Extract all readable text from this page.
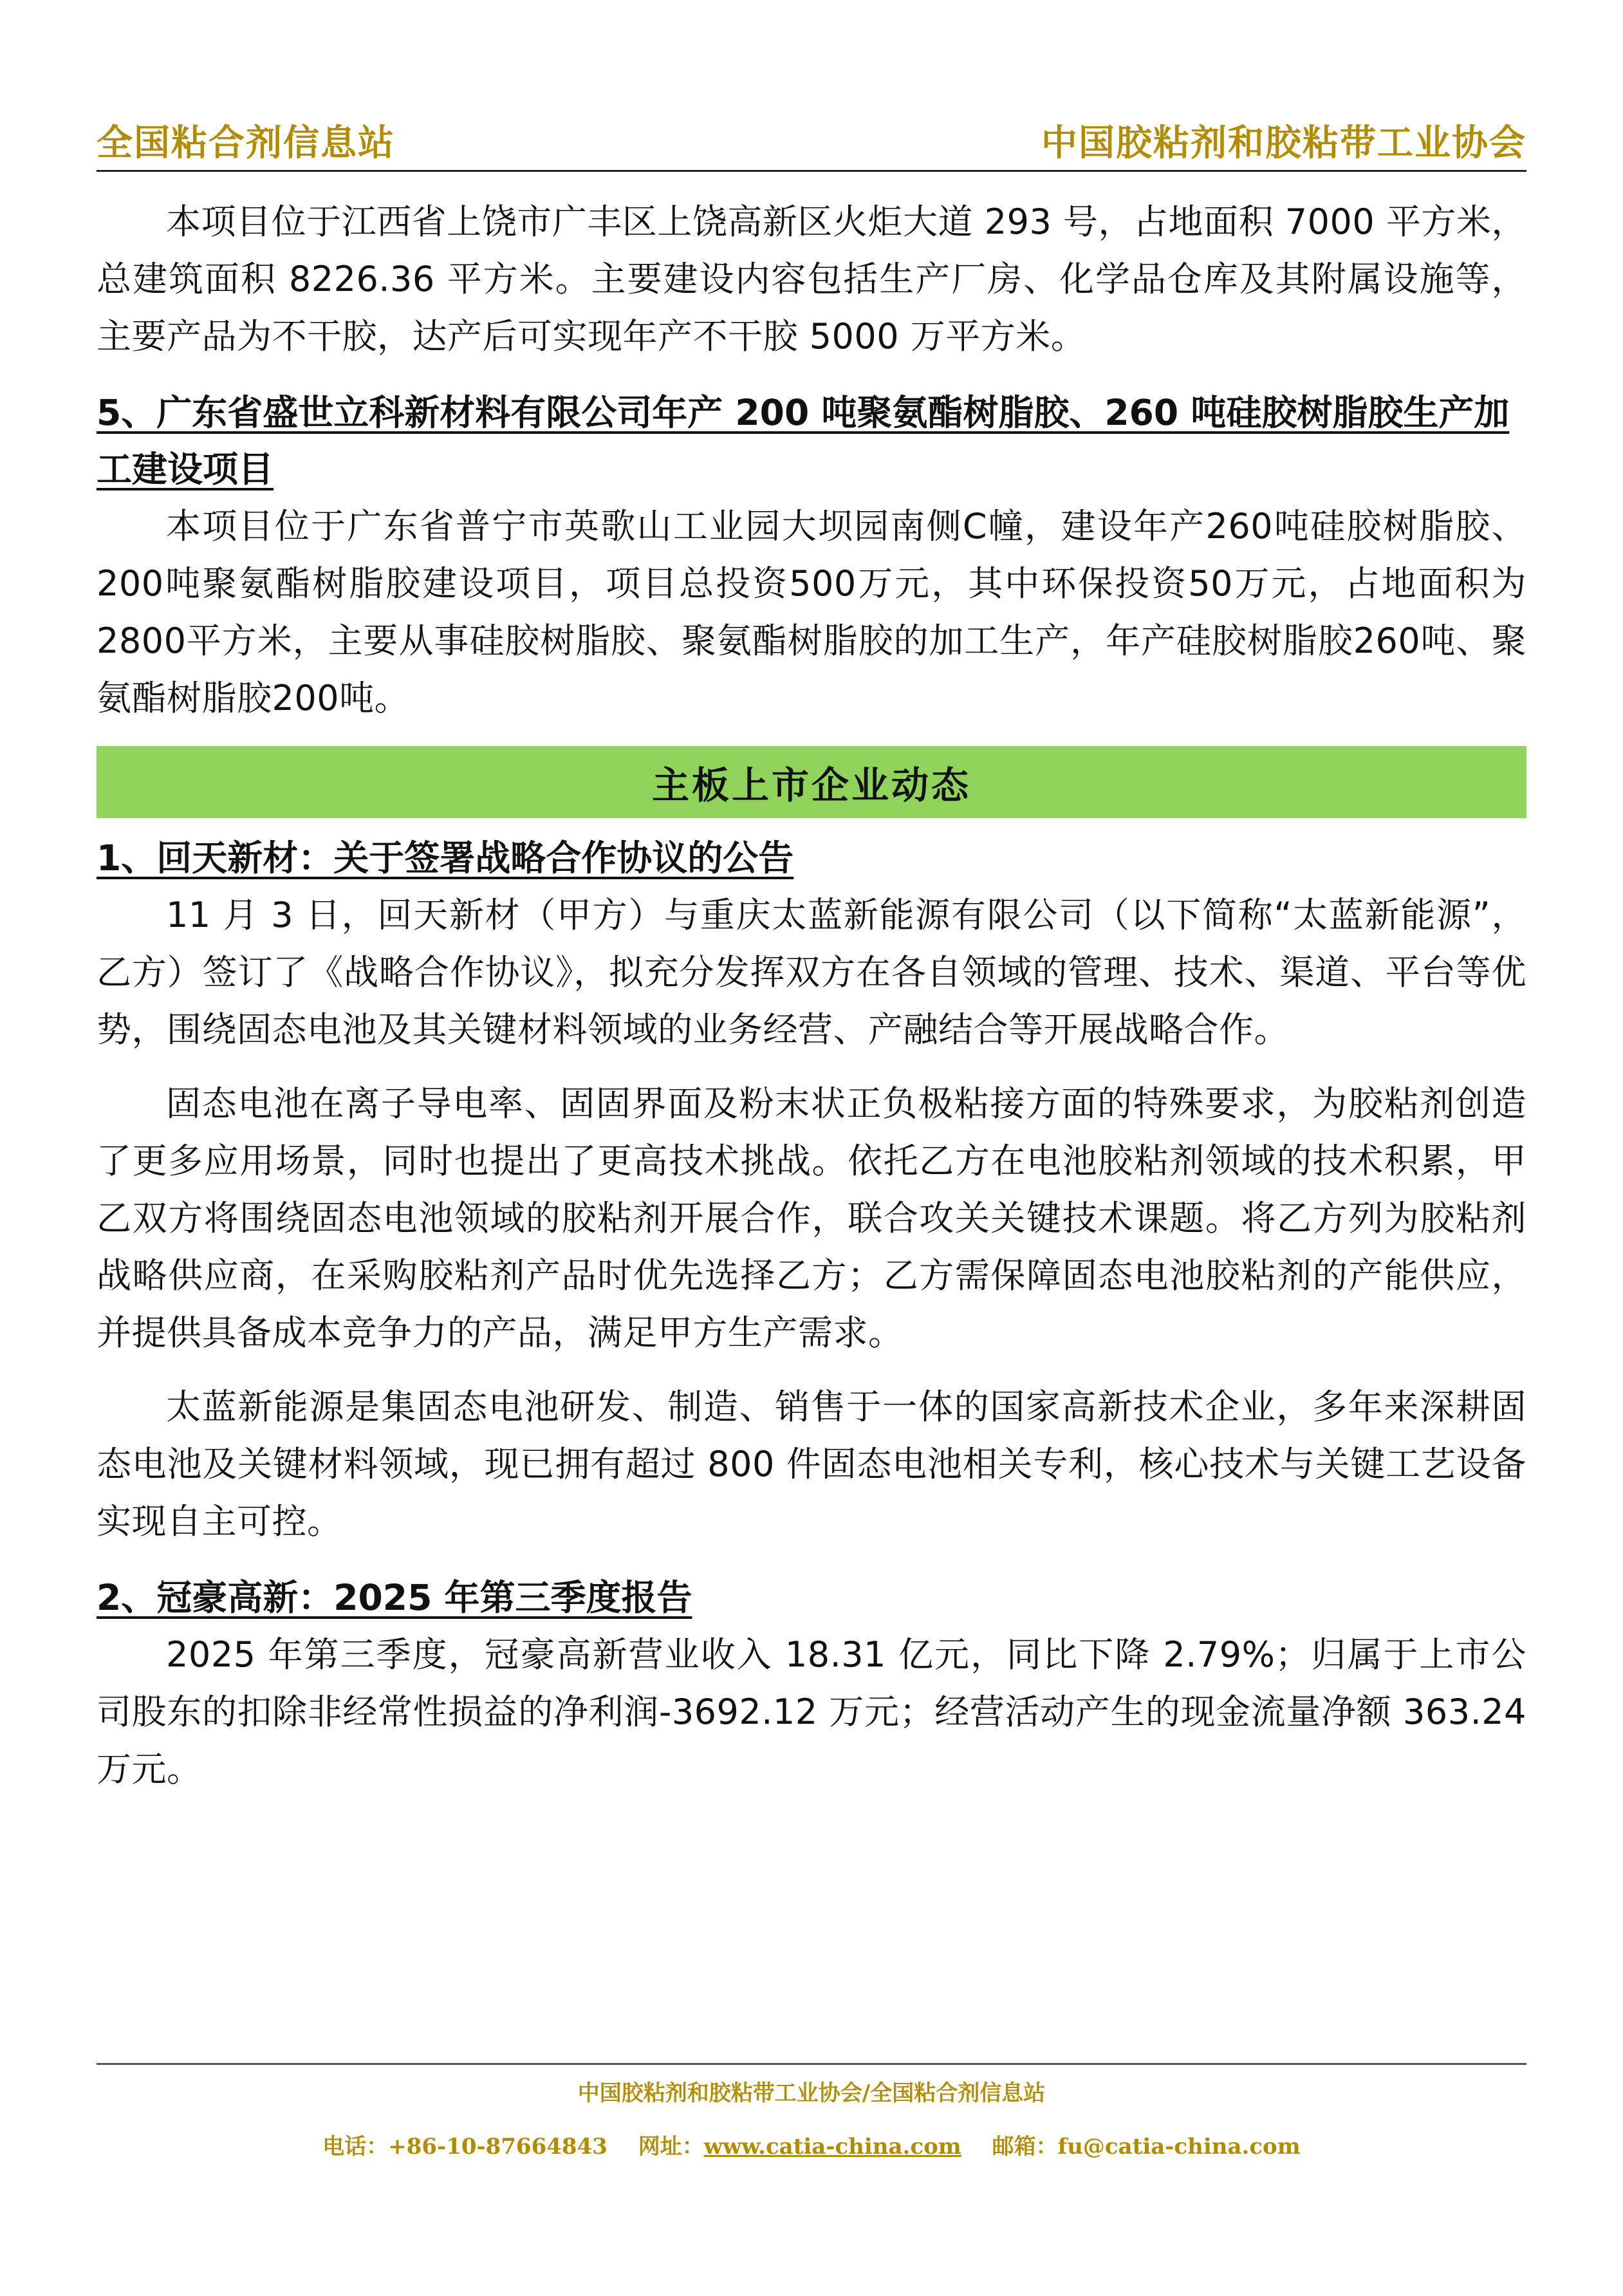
全国粘合剂信息站	中国胶粘剂和胶粘带工业协会

本项目位于江西省上饶市广丰区上饶高新区火炬大道 293 号，占地面积 7000 平方米，总建筑面积 8226.36 平方米。主要建设内容包括生产厂房、化学品仓库及其附属设施等，主要产品为不干胶，达产后可实现年产不干胶 5000 万平方米。

5、广东省盛世立科新材料有限公司年产 200 吨聚氨酯树脂胶、260 吨硅胶树脂胶生产加工建设项目

本项目位于广东省普宁市英歌山工业园大坝园南侧C幢，建设年产260吨硅胶树脂胶、200吨聚氨酯树脂胶建设项目，项目总投资500万元，其中环保投资50万元，占地面积为2800平方米，主要从事硅胶树脂胶、聚氨酯树脂胶的加工生产，年产硅胶树脂胶260吨、聚氨酯树脂胶200吨。

主板上市企业动态
1、回天新材：关于签署战略合作协议的公告

11 月 3 日，回天新材（甲方）与重庆太蓝新能源有限公司（以下简称“太蓝新能源”，乙方）签订了《战略合作协议》，拟充分发挥双方在各自领域的管理、技术、渠道、平台等优势，围绕固态电池及其关键材料领域的业务经营、产融结合等开展战略合作。

固态电池在离子导电率、固固界面及粉末状正负极粘接方面的特殊要求，为胶粘剂创造了更多应用场景，同时也提出了更高技术挑战。依托乙方在电池胶粘剂领域的技术积累，甲乙双方将围绕固态电池领域的胶粘剂开展合作，联合攻关关键技术课题。将乙方列为胶粘剂战略供应商，在采购胶粘剂产品时优先选择乙方；乙方需保障固态电池胶粘剂的产能供应，并提供具备成本竞争力的产品，满足甲方生产需求。

太蓝新能源是集固态电池研发、制造、销售于一体的国家高新技术企业，多年来深耕固态电池及关键材料领域，现已拥有超过 800 件固态电池相关专利，核心技术与关键工艺设备实现自主可控。

2、冠豪高新：2025 年第三季度报告

2025 年第三季度，冠豪高新营业收入 18.31 亿元，同比下降 2.79%；归属于上市公司股东的扣除非经常性损益的净利润-3692.12 万元；经营活动产生的现金流量净额 363.24 万元。

中国胶粘剂和胶粘带工业协会/全国粘合剂信息站
电话：+86-10-87664843 网址：www.catia-china.com 邮箱：fu@catia-china.com
